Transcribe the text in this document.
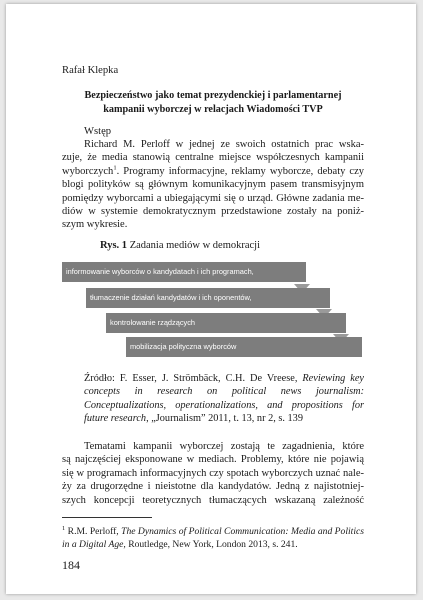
Rafał Klepka
Bezpieczeństwo jako temat prezydenckiej i parlamentarnej
kampanii wyborczej w relacjach Wiadomości TVP
Wstęp
Richard M. Perloff w jednej ze swoich ostatnich prac wska-
zuje, że media stanowią centralne miejsce współczesnych kampanii
wyborczych$^1$. Programy informacyjne, reklamy wyborcze, debaty czy
blogi polityków są głównym komunikacyjnym pasem transmisyjnym
pomiędzy wyborcami a ubiegającymi się o urząd. Główne zadania me-
diów w systemie demokratycznym przedstawione zostały na poniż-
szym wykresie.
Rys. 1 Zadania mediów w demokracji
informowanie wyborców o kandydatach i ich programach,
tłumaczenie działań kandydatów i ich oponentów,
kontrolowanie rządzących
mobilizacja polityczna wyborców
Źródło: F. Esser, J. Strömbäck, C.H. De Vreese, Reviewing key concepts in research on political news journalism: Conceptualizations, operationalizations, and propositions for future research, „Journalism” 2011, t. 13, nr 2, s. 139
Tematami kampanii wyborczej zostają te zagadnienia, które
są najczęściej eksponowane w mediach. Problemy, które nie pojawią
się w programach informacyjnych czy spotach wyborczych uznać nale-
ży za drugorzędne i nieistotne dla kandydatów. Jedną z najistotniej-
szych koncepcji teoretycznych tłumaczących wskazaną zależność
$^1$ R.M. Perloff, The Dynamics of Political Communication: Media and Politics in a Digital Age, Routledge, New York, London 2013, s. 241.
184
